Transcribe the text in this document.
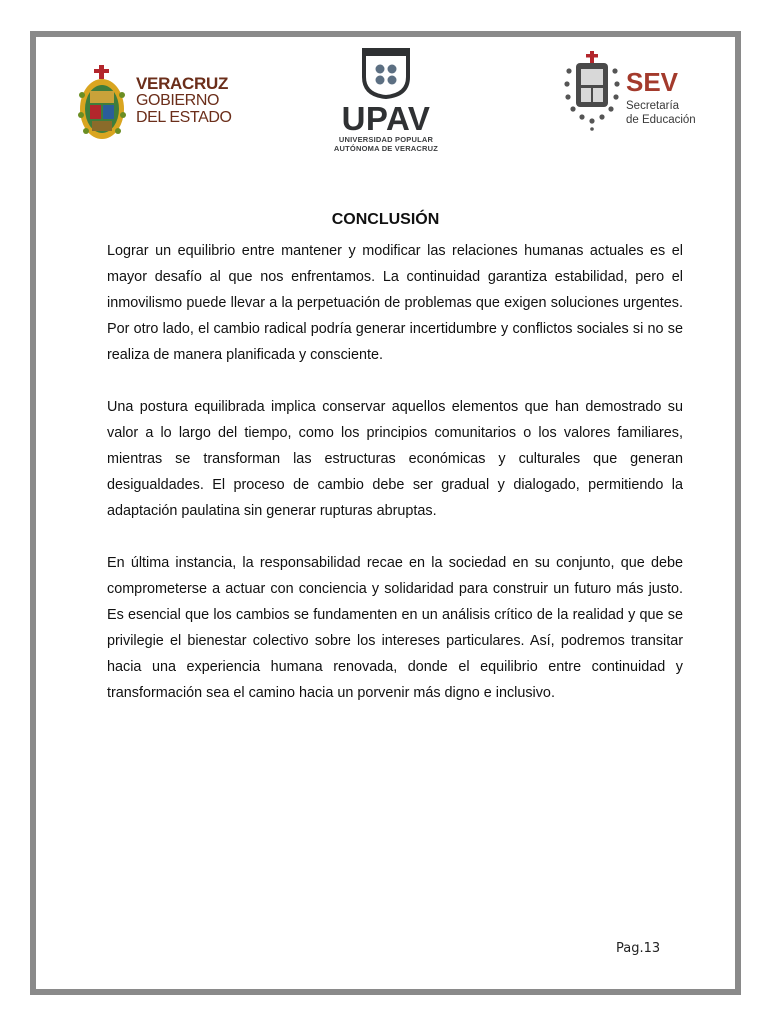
VERACRUZ
GOBIERNO
DEL ESTADO	UPAV
UNIVERSIDAD POPULAR
AUTÓNOMA DE VERACRUZ
SEV
Secretaría
de Educación
CONCLUSIÓN

Lograr un equilibrio entre mantener y modificar las relaciones humanas actuales es el mayor desafío al que nos enfrentamos. La continuidad garantiza estabilidad, pero el inmovilismo puede llevar a la perpetuación de problemas que exigen soluciones urgentes. Por otro lado, el cambio radical podría generar incertidumbre y conflictos sociales si no se realiza de manera planificada y consciente.

Una postura equilibrada implica conservar aquellos elementos que han demostrado su valor a lo largo del tiempo, como los principios comunitarios o los valores familiares, mientras se transforman las estructuras económicas y culturales que generan desigualdades. El proceso de cambio debe ser gradual y dialogado, permitiendo la adaptación paulatina sin generar rupturas abruptas.

En última instancia, la responsabilidad recae en la sociedad en su conjunto, que debe comprometerse a actuar con conciencia y solidaridad para construir un futuro más justo. Es esencial que los cambios se fundamenten en un análisis crítico de la realidad y que se privilegie el bienestar colectivo sobre los intereses particulares. Así, podremos transitar hacia una experiencia humana renovada, donde el equilibrio entre continuidad y transformación sea el camino hacia un porvenir más digno e inclusivo.

Pag.13
